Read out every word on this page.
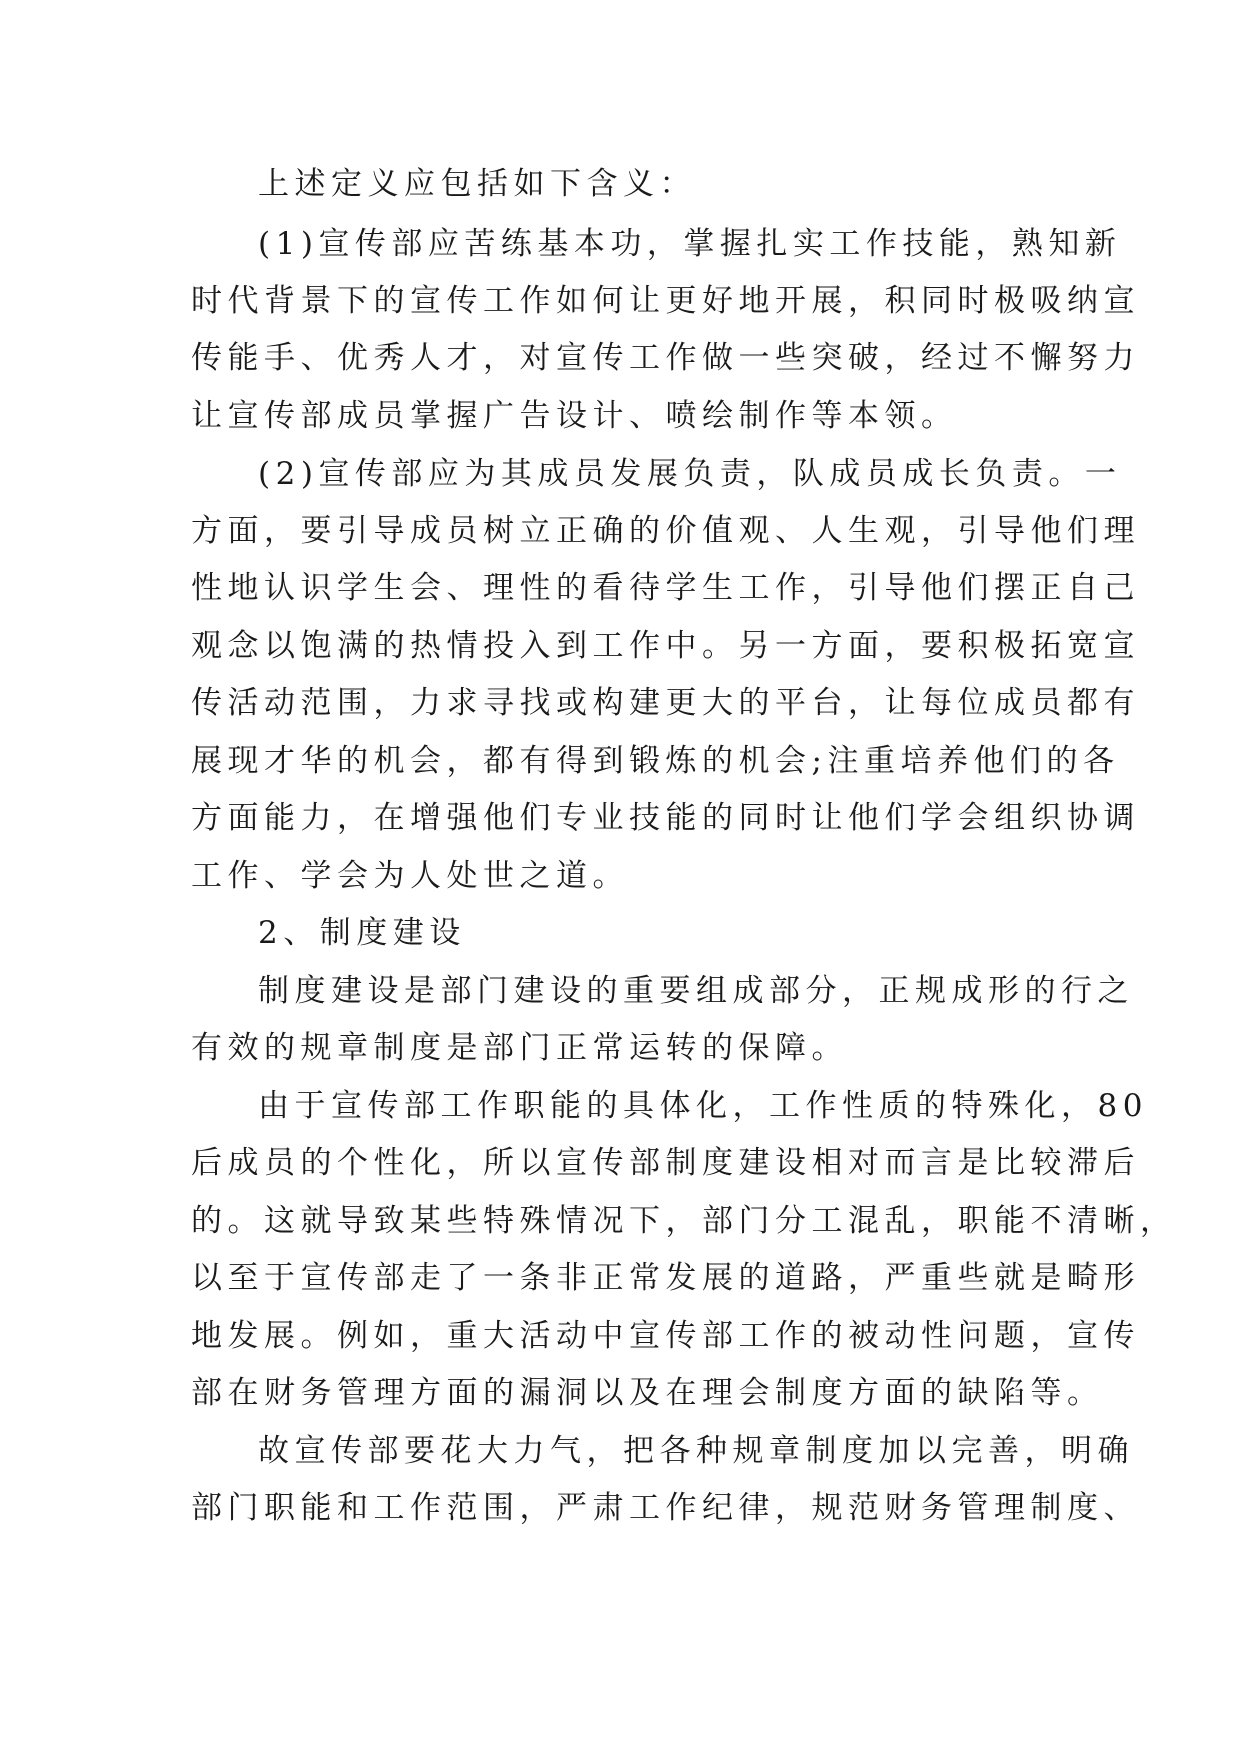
上述定义应包括如下含义：
(1)宣传部应苦练基本功，掌握扎实工作技能，熟知新
时代背景下的宣传工作如何让更好地开展，积同时极吸纳宣
传能手、优秀人才，对宣传工作做一些突破，经过不懈努力
让宣传部成员掌握广告设计、喷绘制作等本领。
(2)宣传部应为其成员发展负责，队成员成长负责。一
方面，要引导成员树立正确的价值观、人生观，引导他们理
性地认识学生会、理性的看待学生工作，引导他们摆正自己
观念以饱满的热情投入到工作中。另一方面，要积极拓宽宣
传活动范围，力求寻找或构建更大的平台，让每位成员都有
展现才华的机会，都有得到锻炼的机会;注重培养他们的各
方面能力，在增强他们专业技能的同时让他们学会组织协调
工作、学会为人处世之道。
2、制度建设
制度建设是部门建设的重要组成部分，正规成形的行之
有效的规章制度是部门正常运转的保障。
由于宣传部工作职能的具体化，工作性质的特殊化，80
后成员的个性化，所以宣传部制度建设相对而言是比较滞后
的。这就导致某些特殊情况下，部门分工混乱，职能不清晰，
以至于宣传部走了一条非正常发展的道路，严重些就是畸形
地发展。例如，重大活动中宣传部工作的被动性问题，宣传
部在财务管理方面的漏洞以及在理会制度方面的缺陷等。
故宣传部要花大力气，把各种规章制度加以完善，明确
部门职能和工作范围，严肃工作纪律，规范财务管理制度、
